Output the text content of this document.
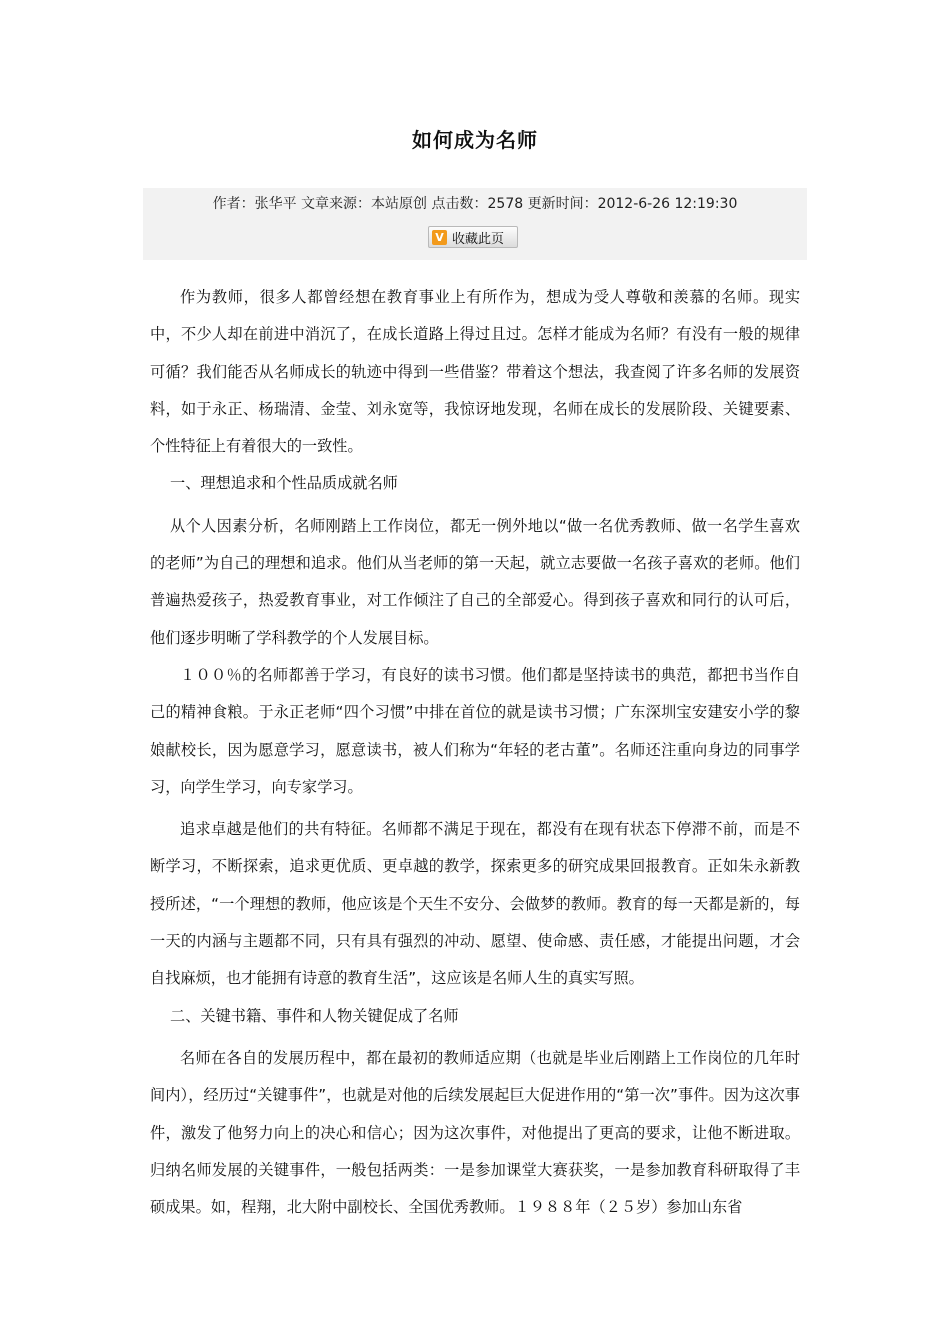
如何成为名师
作者：张华平 文章来源：本站原创 点击数：2578 更新时间：2012-6-26 12:19:30
V 收藏此页

作为教师，很多人都曾经想在教育事业上有所作为，想成为受人尊敬和羡慕的名师。现实中，不少人却在前进中消沉了，在成长道路上得过且过。怎样才能成为名师？有没有一般的规律可循？我们能否从名师成长的轨迹中得到一些借鉴？带着这个想法，我查阅了许多名师的发展资料，如于永正、杨瑞清、金莹、刘永宽等，我惊讶地发现，名师在成长的发展阶段、关键要素、个性特征上有着很大的一致性。

一、理想追求和个性品质成就名师

从个人因素分析，名师刚踏上工作岗位，都无一例外地以“做一名优秀教师、做一名学生喜欢的老师”为自己的理想和追求。他们从当老师的第一天起，就立志要做一名孩子喜欢的老师。他们普遍热爱孩子，热爱教育事业，对工作倾注了自己的全部爱心。得到孩子喜欢和同行的认可后，他们逐步明晰了学科教学的个人发展目标。

１００％的名师都善于学习，有良好的读书习惯。他们都是坚持读书的典范，都把书当作自己的精神食粮。于永正老师“四个习惯”中排在首位的就是读书习惯；广东深圳宝安建安小学的黎娘献校长，因为愿意学习，愿意读书，被人们称为“年轻的老古董”。名师还注重向身边的同事学习，向学生学习，向专家学习。

追求卓越是他们的共有特征。名师都不满足于现在，都没有在现有状态下停滞不前，而是不断学习，不断探索，追求更优质、更卓越的教学，探索更多的研究成果回报教育。正如朱永新教授所述，“一个理想的教师，他应该是个天生不安分、会做梦的教师。教育的每一天都是新的，每一天的内涵与主题都不同，只有具有强烈的冲动、愿望、使命感、责任感，才能提出问题，才会自找麻烦，也才能拥有诗意的教育生活”，这应该是名师人生的真实写照。

二、关键书籍、事件和人物关键促成了名师

名师在各自的发展历程中，都在最初的教师适应期（也就是毕业后刚踏上工作岗位的几年时间内），经历过“关键事件”，也就是对他的后续发展起巨大促进作用的“第一次”事件。因为这次事件，激发了他努力向上的决心和信心；因为这次事件，对他提出了更高的要求，让他不断进取。归纳名师发展的关键事件，一般包括两类：一是参加课堂大赛获奖，一是参加教育科研取得了丰硕成果。如，程翔，北大附中副校长、全国优秀教师。１９８８年（２５岁）参加山东省
